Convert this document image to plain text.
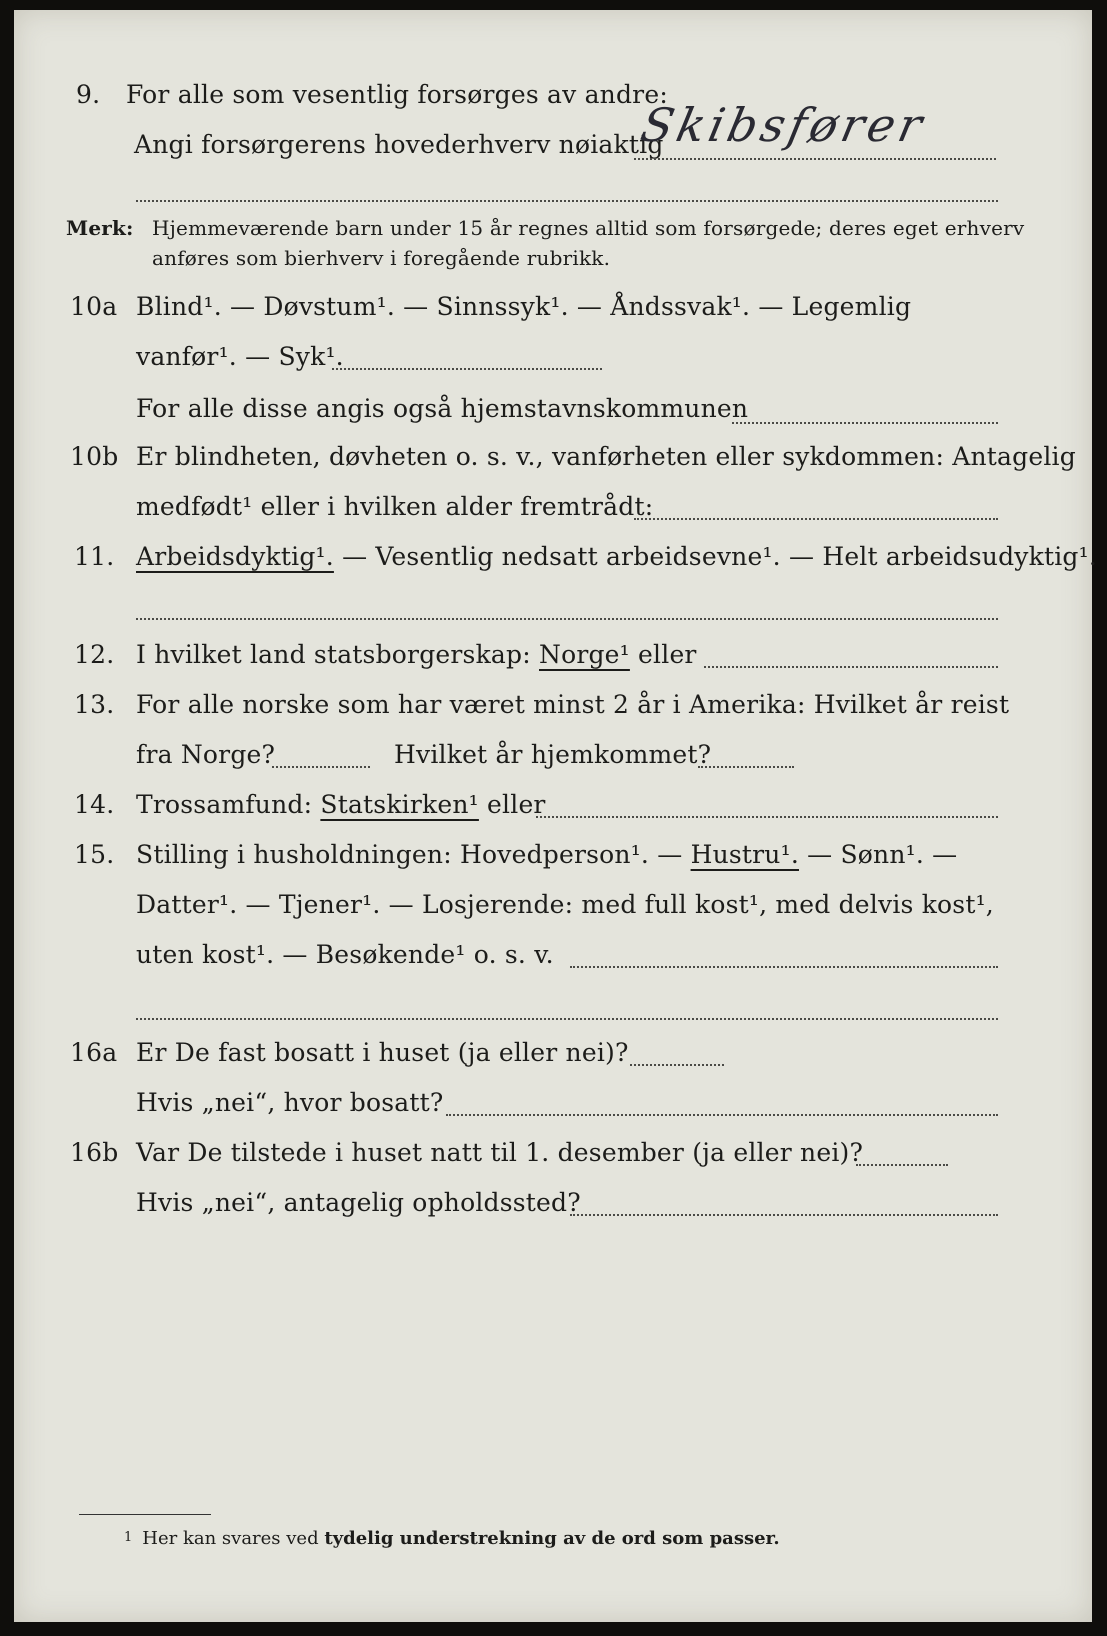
9. For alle som vesentlig forsørges av andre:
Angi forsørgerens hovederhverv nøiaktig
Skibsfører
Merk: Hjemmeværende barn under 15 år regnes alltid som forsørgede; deres eget erhverv
anføres som bierhverv i foregående rubrikk.
10a Blind¹. — Døvstum¹. — Sinnssyk¹. — Åndssvak¹. — Legemlig
vanfør¹. — Syk¹.
For alle disse angis også hjemstavnskommunen
10b Er blindheten, døvheten o. s. v., vanførheten eller sykdommen: Antagelig
medfødt¹ eller i hvilken alder fremtrådt:
11. Arbeidsdyktig¹. — Vesentlig nedsatt arbeidsevne¹. — Helt arbeidsudyktig¹.
12. I hvilket land statsborgerskap: Norge¹ eller
13. For alle norske som har været minst 2 år i Amerika: Hvilket år reist
fra Norge?	Hvilket år hjemkommet?
14. Trossamfund: Statskirken¹ eller
15. Stilling i husholdningen: Hovedperson¹. — Hustru¹. — Sønn¹. —
Datter¹. — Tjener¹. — Losjerende: med full kost¹, med delvis kost¹,
uten kost¹. — Besøkende¹ o. s. v.
16a Er De fast bosatt i huset (ja eller nei)?
Hvis „nei“, hvor bosatt?
16b Var De tilstede i huset natt til 1. desember (ja eller nei)?
Hvis „nei“, antagelig opholdssted?
1 Her kan svares ved tydelig understrekning av de ord som passer.
